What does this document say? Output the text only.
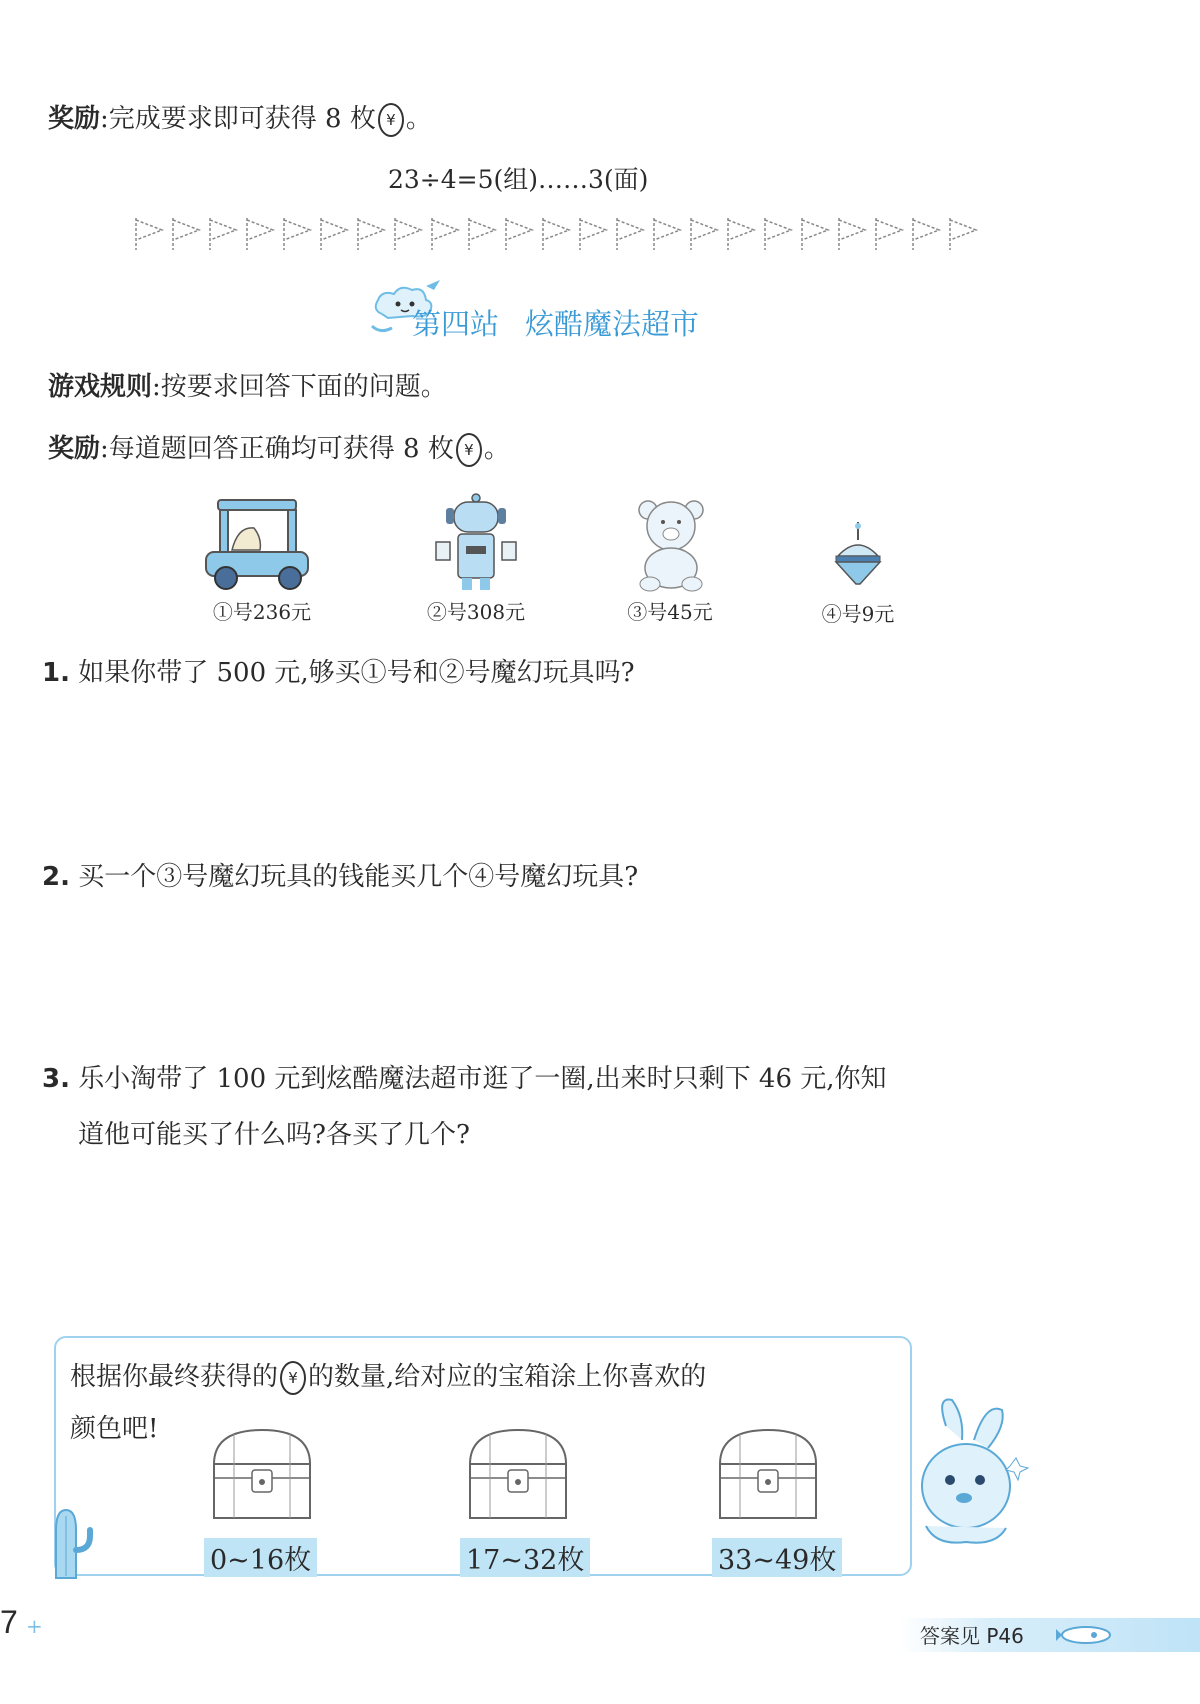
奖励:完成要求即可获得 8 枚 ¥ 。
23÷4=5(组)……3(面)
第四站 炫酷魔法超市
游戏规则:按要求回答下面的问题。
奖励:每道题回答正确均可获得 8 枚 ¥ 。
①号236元	②号308元	③号45元	④号9元
1. 如果你带了 500 元,够买①号和②号魔幻玩具吗?
2. 买一个③号魔幻玩具的钱能买几个④号魔幻玩具?
3. 乐小淘带了 100 元到炫酷魔法超市逛了一圈,出来时只剩下 46 元,你知
道他可能买了什么吗?各买了几个?
根据你最终获得的 ¥ 的数量,给对应的宝箱涂上你喜欢的
颜色吧!
0~16枚	17~32枚	33~49枚
7 +	答案见 P46
